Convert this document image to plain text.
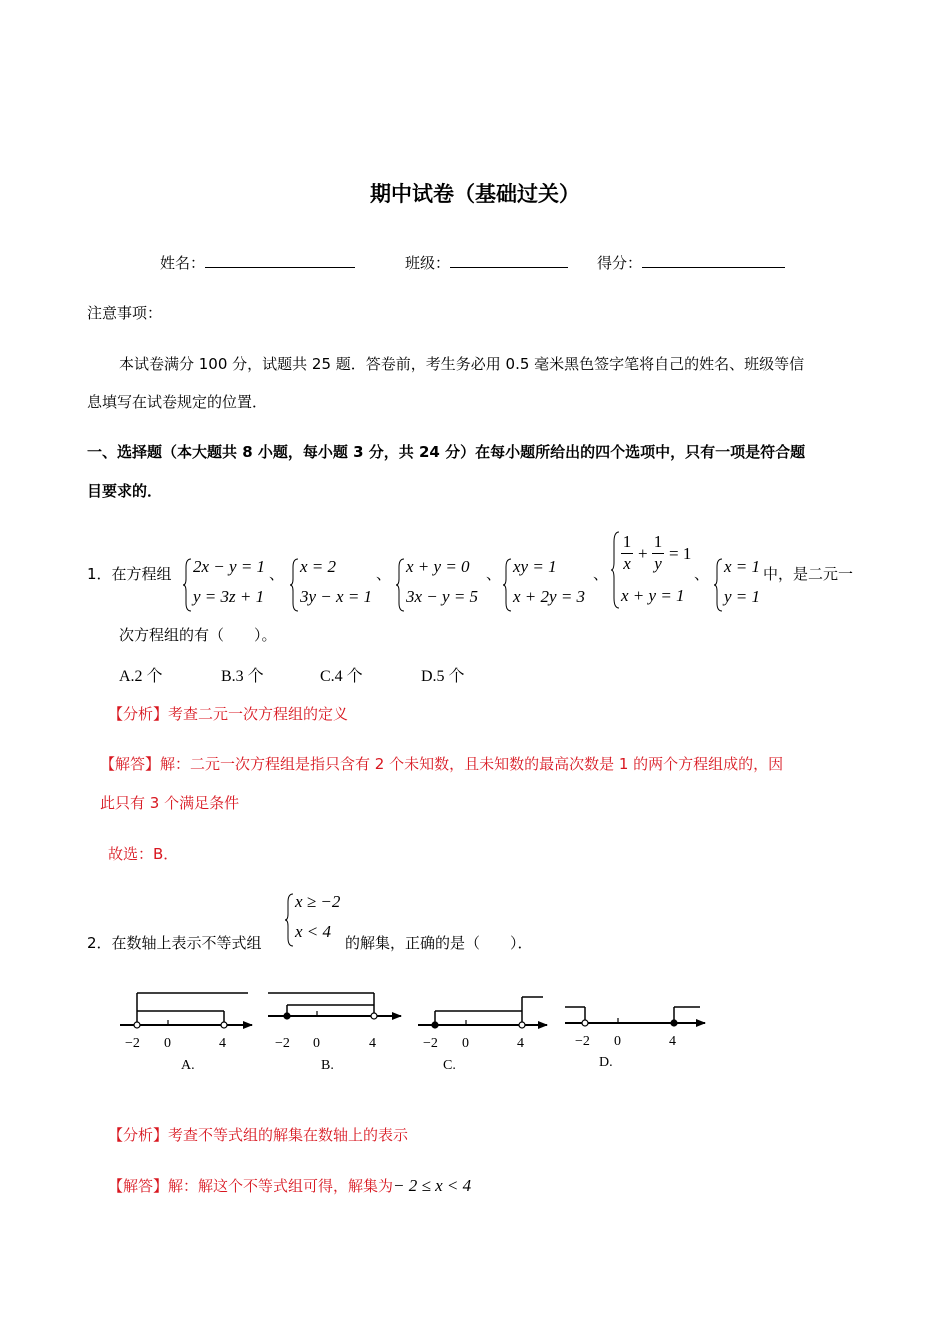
期中试卷（基础过关）
姓名：	班级：	得分：
注意事项：
本试卷满分 100 分，试题共 25 题．答卷前，考生务必用 0.5 毫米黑色签字笔将自己的姓名、班级等信
息填写在试卷规定的位置．
一、选择题（本大题共 8 小题，每小题 3 分，共 24 分）在每小题所给出的四个选项中，只有一项是符合题
目要求的．
1．在方程组 2x − y = 1
y = 3z + 1
、 x = 2
3y − x = 1
、 x + y = 0
3x − y = 5
、 xy = 1
x + 2y = 3
、
1
x
+
1
y
= 1
x + y = 1
、 x = 1
y = 1
中，是二元一
次方程组的有（　　）。
A.2 个	B.3 个	C.4 个	D.5 个
【分析】考查二元一次方程组的定义
【解答】解：二元一次方程组是指只含有 2 个未知数，且未知数的最高次数是 1 的两个方程组成的，因
此只有 3 个满足条件
故选：B．
2．在数轴上表示不等式组
x ≥ −2
x < 4
的解集，正确的是（　　）．
−2 0	4
A.
−2 0	4
B.
−2 0	4
C.
−2 0	4
D.
【分析】考查不等式组的解集在数轴上的表示
【解答】解：解这个不等式组可得，解集为− 2 ≤ x < 4
